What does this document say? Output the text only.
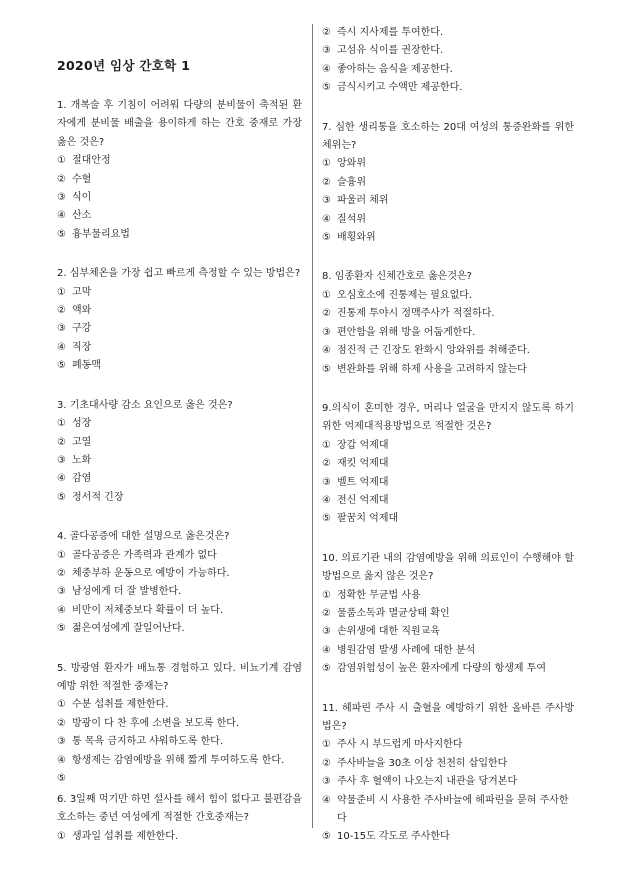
2020년 임상 간호학 1
1. 개복술 후 기침이 어려워 다량의 분비물이 축적된 환자에게 분비물 배출을 용이하게 하는 간호 중재로 가장 옳은 것은?
① 절대안정
② 수혈
③ 식이
④ 산소
⑤ 흉부물리요법
2. 심부체온을 가장 쉽고 빠르게 측정할 수 있는 방법은?
① 고막
② 액와
③ 구강
④ 직장
⑤ 폐동맥
3. 기초대사량 감소 요인으로 옳은 것은?
① 성장
② 고열
③ 노화
④ 감염
⑤ 정서적 긴장
4. 골다공증에 대한 설명으로 옳은것은?
① 골다공증은 가족력과 관계가 없다
② 체중부하 운동으로 예방이 가능하다.
③ 남성에게 더 잘 발병한다.
④ 비만이 저체중보다 확률이 더 높다.
⑤ 젊은여성에게 잘일어난다.
5. 방광염 환자가 배뇨통 경험하고 있다. 비뇨기계 감염 예방 위한 적절한 중재는?
① 수분 섭취를 제한한다.
② 방광이 다 찬 후에 소변을 보도록 한다.
③ 통 목욕 금지하고 샤워하도록 한다.
④ 항생제는 감염예방을 위해 짧게 투여하도록 한다.
⑤
6. 3일째 먹기만 하면 설사를 해서 힘이 없다고 불편감을 호소하는 중년 여성에게 적절한 간호중재는?
① 생과일 섭취를 제한한다.
② 즉시 지사제를 투여한다.
③ 고섬유 식이를 권장한다.
④ 좋아하는 음식을 제공한다.
⑤ 금식시키고 수액만 제공한다.
7. 심한 생리통을 호소하는 20대 여성의 통증완화를 위한 체위는?
① 앙와위
② 슬흉위
③ 파울러 체위
④ 질석위
⑤ 배횡와위
8. 임종환자 신체간호로 옳은것은?
① 오심호소에 진통제는 필요없다.
② 진통제 투야시 정맥주사가 적절하다.
③ 편안함을 위해 방을 어둡게한다.
④ 점진적 근 긴장도 완화시 앙와위를 취해준다.
⑤ 변완화를 위해 하제 사용을 고려하지 않는다
9.의식이 혼미한 경우, 머리나 얼굴을 만지지 않도록 하기 위한 억제대적용방법으로 적절한 것은?
① 장갑 억제대
② 재킷 억제대
③ 벨트 억제대
④ 전신 억제대
⑤ 팔꿈치 억제대
10. 의료기관 내의 감염예방을 위해 의료인이 수행해야 할 방법으로 옳지 않은 것은?
① 정확한 무균법 사용
② 물품소독과 멸균상태 확인
③ 손위생에 대한 직원교육
④ 병원감염 발생 사례에 대한 분석
⑤ 감염위험성이 높은 환자에게 다량의 항생제 투여
11. 헤파린 주사 시 출혈을 예방하기 위한 올바른 주사방법은?
① 주사 시 부드럽게 마사지한다
② 주사바늘을 30초 이상 천천히 삽입한다
③ 주사 후 혈액이 나오는지 내관을 당겨본다
④ 약물준비 시 사용한 주사바늘에 헤파린을 묻혀 주사한다
⑤ 10-15도 각도로 주사한다
